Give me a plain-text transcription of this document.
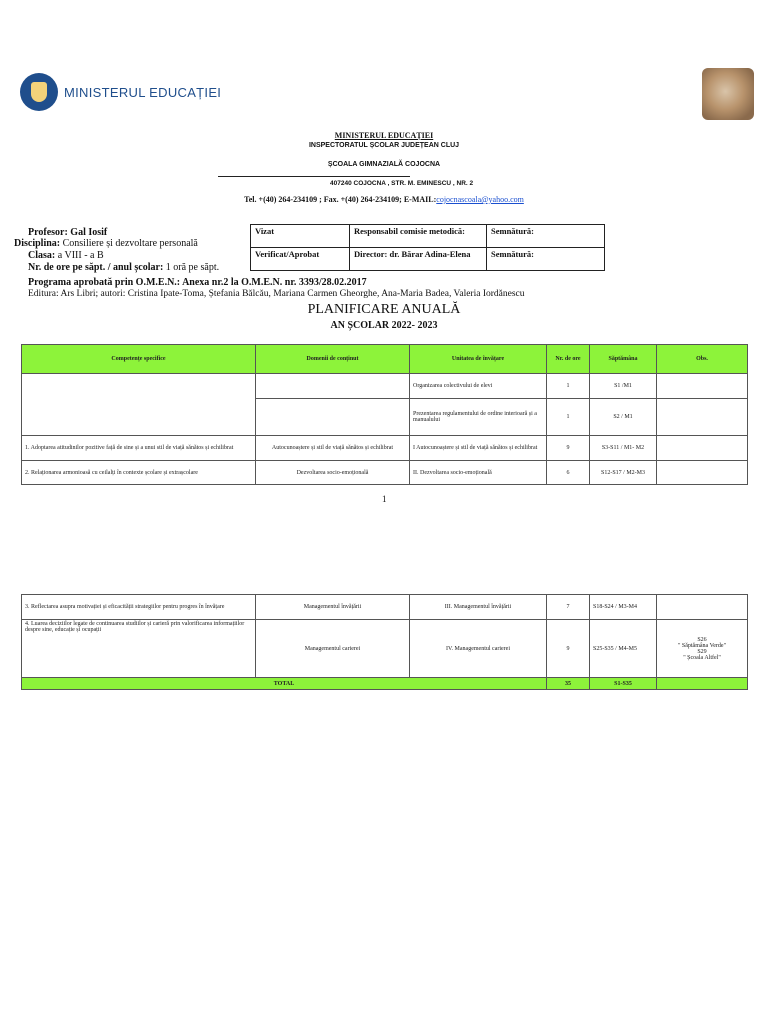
MINISTERUL EDUCAȚIEI
MINISTERUL EDUCAȚIEI
INSPECTORATUL ȘCOLAR JUDEȚEAN CLUJ
ȘCOALA GIMNAZIALĂ COJOCNA
407240 COJOCNA , STR. M. EMINESCU , NR. 2
Tel. +(40) 264-234109 ; Fax. +(40) 264-234109; E-MAIL:cojocnascoala@yahoo.com
Profesor: Gal Iosif
Disciplina: Consiliere și dezvoltare personală
Clasa: a VIII - a B
Nr. de ore pe săpt. / anul școlar: 1 oră pe săpt.
Programa aprobată prin O.M.E.N.: Anexa nr.2 la O.M.E.N. nr. 3393/28.02.2017
Editura: Ars Libri; autori: Cristina Ipate-Toma, Ștefania Bălcău, Mariana Carmen Gheorghe, Ana-Maria Badea, Valeria Iordănescu
Vizat	Responsabil comisie metodică:	Semnătură:
Verificat/Aprobat	Director: dr. Bărar Adina-Elena	Semnătură:
PLANIFICARE ANUALĂ
AN ȘCOLAR 2022- 2023
Competențe specifice	Domenii de conținut	Unitatea de învățare	Nr. de ore	Săptămâna	Obs.
		Organizarea colectivului de elevi	1	S1 /M1	
		Prezentarea regulamentului de ordine interioară și a manualului	1	S2 / M1	
1. Adoptarea atitudinilor pozitive față de sine și a unui stil de viață sănătos și echilibrat	Autocunoaștere și stil de viață sănătos și echilibrat	I Autocunoaștere și stil de viață sănătos și echilibrat	9	S3-S11 / M1- M2	
2. Relaționarea armonioasă cu ceilalți în contexte școlare și extrașcolare	Dezvoltarea socio-emoțională	II. Dezvoltarea socio-emoțională	6	S12-S17 / M2-M3	
1
3. Reflectarea asupra motivației și eficacității strategiilor pentru progres în învățare	Managementul învățării	III. Managementul învățării	7	S18-S24 / M3-M4	
4. Luarea deciziilor legate de continuarea studiilor și carieră prin valorificarea informațiilor despre sine, educație și ocupații	Managementul carierei	IV. Managementul carierei	9	S25-S35 / M4-M5	S26
" Săptămâna Verde"
S29
" Școala Altfel"
TOTAL			35	S1-S35	
